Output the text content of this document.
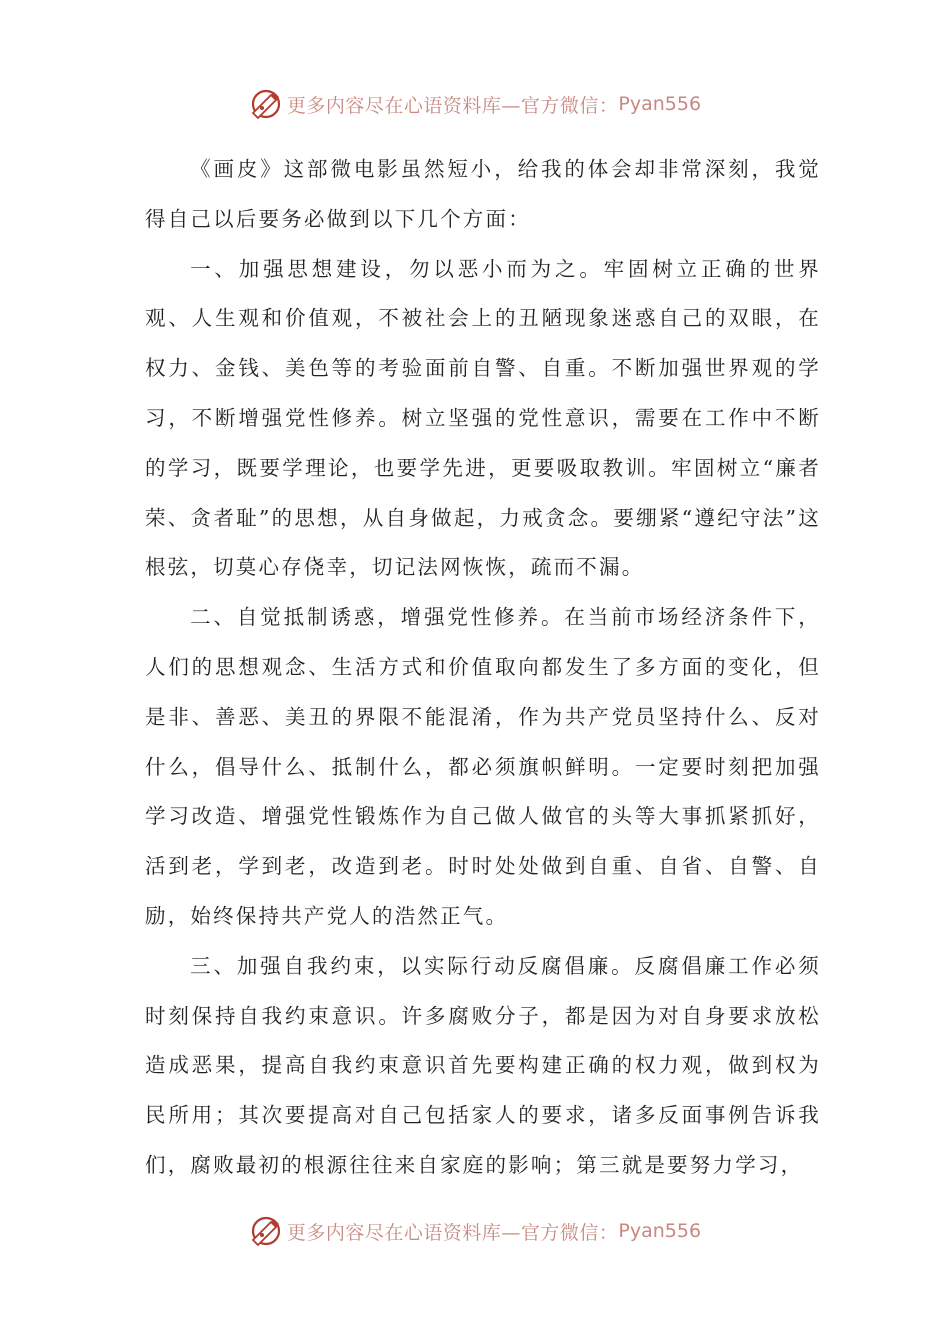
更多内容尽在心语资料库—官方微信： Pyan556

《画皮》这部微电影虽然短小，给我的体会却非常深刻，我觉得自己以后要务必做到以下几个方面：

一、加强思想建设，勿以恶小而为之。牢固树立正确的世界观、人生观和价值观，不被社会上的丑陋现象迷惑自己的双眼，在权力、金钱、美色等的考验面前自警、自重。不断加强世界观的学习，不断增强党性修养。树立坚强的党性意识，需要在工作中不断的学习，既要学理论，也要学先进，更要吸取教训。牢固树立“廉者荣、贪者耻”的思想，从自身做起，力戒贪念。要绷紧“遵纪守法”这根弦，切莫心存侥幸，切记法网恢恢，疏而不漏。

二、自觉抵制诱惑，增强党性修养。在当前市场经济条件下，人们的思想观念、生活方式和价值取向都发生了多方面的变化，但是非、善恶、美丑的界限不能混淆，作为共产党员坚持什么、反对什么，倡导什么、抵制什么，都必须旗帜鲜明。一定要时刻把加强学习改造、增强党性锻炼作为自己做人做官的头等大事抓紧抓好，活到老，学到老，改造到老。时时处处做到自重、自省、自警、自励，始终保持共产党人的浩然正气。

三、加强自我约束，以实际行动反腐倡廉。反腐倡廉工作必须时刻保持自我约束意识。许多腐败分子，都是因为对自身要求放松造成恶果，提高自我约束意识首先要构建正确的权力观，做到权为民所用；其次要提高对自己包括家人的要求，诸多反面事例告诉我们，腐败最初的根源往往来自家庭的影响；第三就是要努力学习，

更多内容尽在心语资料库—官方微信： Pyan556
